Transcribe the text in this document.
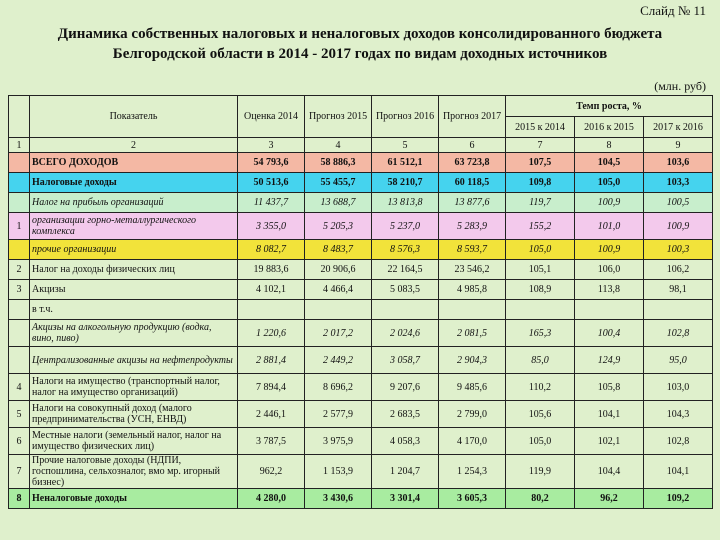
Слайд № 11
Динамика собственных налоговых и неналоговых доходов консолидированного бюджета
Белгородской области в 2014 - 2017 годах по видам доходных источников
(млн. руб)
	Показатель	Оценка 2014	Прогноз 2015	Прогноз 2016	Прогноз 2017	Темп роста, %		
						2015 к 2014	2016 к 2015	2017 к 2016
1	2	3	4	5	6	7	8	9
	ВСЕГО ДОХОДОВ	54 793,6	58 886,3	61 512,1	63 723,8	107,5	104,5	103,6
	Налоговые доходы	50 513,6	55 455,7	58 210,7	60 118,5	109,8	105,0	103,3
	Налог на прибыль организаций	11 437,7	13 688,7	13 813,8	13 877,6	119,7	100,9	100,5
1	организации горно-металлургического комплекса	3 355,0	5 205,3	5 237,0	5 283,9	155,2	101,0	100,9
	прочие организации	8 082,7	8 483,7	8 576,3	8 593,7	105,0	100,9	100,3
2	Налог на доходы физических лиц	19 883,6	20 906,6	22 164,5	23 546,2	105,1	106,0	106,2
3	Акцизы	4 102,1	4 466,4	5 083,5	4 985,8	108,9	113,8	98,1
	в т.ч.							
	Акцизы на алкогольную продукцию (водка, вино, пиво)	1 220,6	2 017,2	2 024,6	2 081,5	165,3	100,4	102,8
	Централизованные акцизы на нефтепродукты	2 881,4	2 449,2	3 058,7	2 904,3	85,0	124,9	95,0
4	Налоги на имущество (транспортный налог, налог на имущество организаций)	7 894,4	8 696,2	9 207,6	9 485,6	110,2	105,8	103,0
5	Налоги на совокупный доход (малого предпринимательства (УСН, ЕНВД)	2 446,1	2 577,9	2 683,5	2 799,0	105,6	104,1	104,3
6	Местные налоги (земельный налог, налог на имущество физических лиц)	3 787,5	3 975,9	4 058,3	4 170,0	105,0	102,1	102,8
7	Прочие налоговые доходы (НДПИ, госпошлина, сельхозналог, вмо мр. игорный бизнес)	962,2	1 153,9	1 204,7	1 254,3	119,9	104,4	104,1
8	Неналоговые доходы	4 280,0	3 430,6	3 301,4	3 605,3	80,2	96,2	109,2
